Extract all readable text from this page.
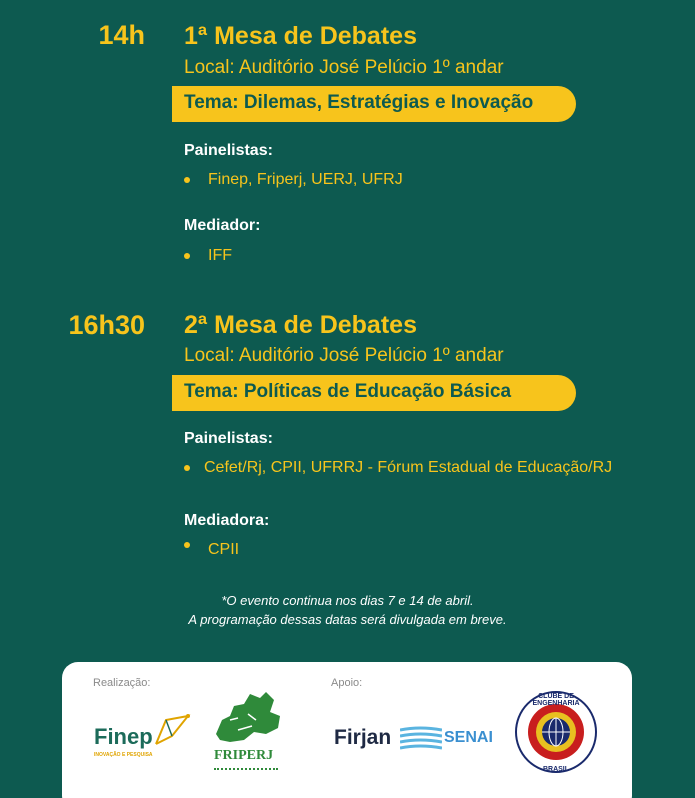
14h 1ª Mesa de Debates
Local: Auditório José Pelúcio 1º andar
Tema: Dilemas, Estratégias e Inovação
Painelistas:
Finep, Friperj, UERJ, UFRJ
Mediador:
IFF
16h30 2ª Mesa de Debates
Local: Auditório José Pelúcio 1º andar
Tema: Políticas de Educação Básica
Painelistas:
Cefet/Rj, CPII, UFRRJ - Fórum Estadual de Educação/RJ
Mediadora:
CPII
*O evento continua nos dias 7 e 14 de abril.
A programação dessas datas será divulgada em breve.
Realização:	Apoio:
Finep
INOVAÇÃO E PESQUISA	FRIPERJ
Firjan	SENAI
CLUBE DE ENGENHARIA
BRASIL
